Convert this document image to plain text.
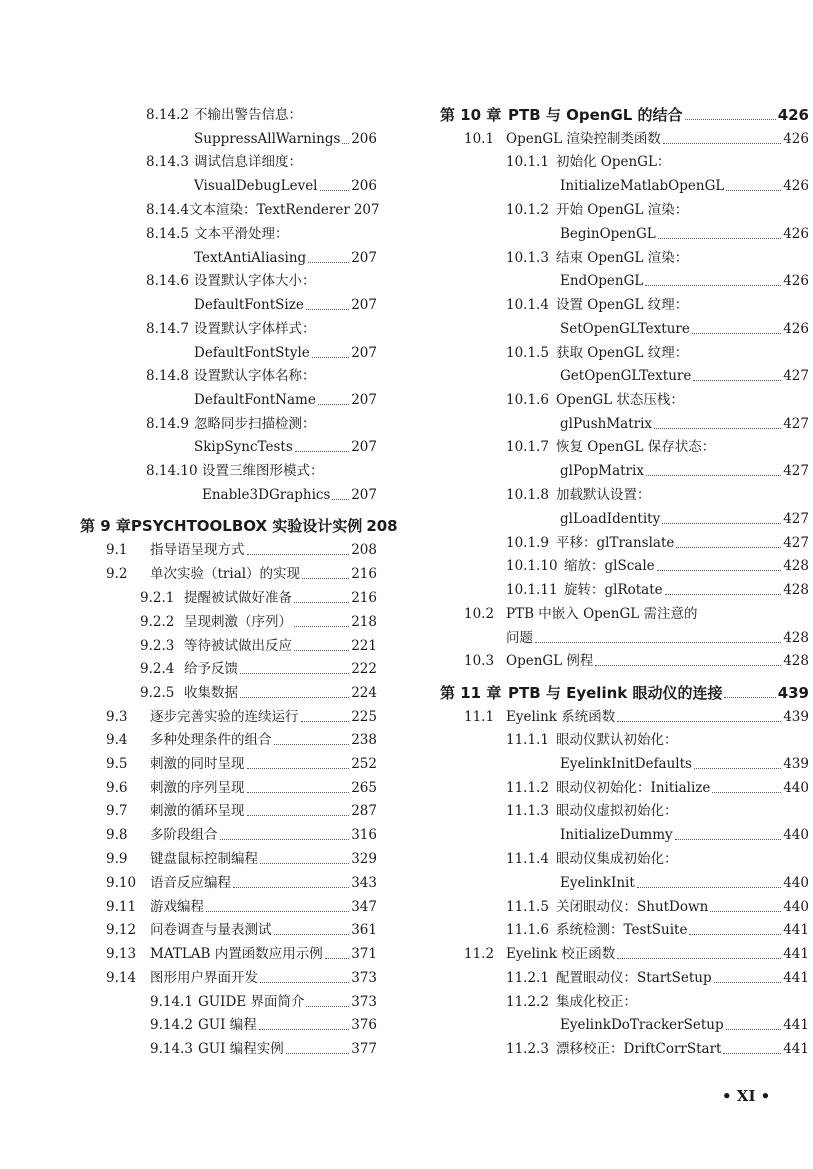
8.14.2 不输出警告信息：
SuppressAllWarnings 206
8.14.3 调试信息详细度：
VisualDebugLevel 206
8.14.4 文本渲染：TextRenderer 207
8.14.5 文本平滑处理：
TextAntiAliasing	207
8.14.6 设置默认字体大小：
DefaultFontSize	207
8.14.7 设置默认字体样式：
DefaultFontStyle	207
8.14.8 设置默认字体名称：
DefaultFontName	207
8.14.9 忽略同步扫描检测：
SkipSyncTests	207
8.14.10 设置三维图形模式：
Enable3DGraphics 207
第 9 章 PSYCHTOOLBOX 实验设计实例 208
9.1	指导语呈现方式	208
9.2	单次实验（trial）的实现	216
9.2.1 提醒被试做好准备	216
9.2.2 呈现刺激（序列）	218
9.2.3 等待被试做出反应	221
9.2.4 给予反馈	222
9.2.5 收集数据	224
9.3	逐步完善实验的连续运行	225
9.4	多种处理条件的组合	238
9.5	刺激的同时呈现	252
9.6	刺激的序列呈现	265
9.7	刺激的循环呈现	287
9.8	多阶段组合	316
9.9	键盘鼠标控制编程	329
9.10	语音反应编程	343
9.11	游戏编程	347
9.12	问卷调查与量表测试	361
9.13	MATLAB 内置函数应用示例 371
9.14	图形用户界面开发	373
9.14.1 GUIDE 界面简介	373
9.14.2 GUI 编程	376
9.14.3 GUI 编程实例	377
第 10 章 PTB 与 OpenGL 的结合	426
10.1 OpenGL 渲染控制类函数	426
10.1.1 初始化 OpenGL：
InitializeMatlabOpenGL	426
10.1.2 开始 OpenGL 渲染：
BeginOpenGL	426
10.1.3 结束 OpenGL 渲染：
EndOpenGL	426
10.1.4 设置 OpenGL 纹理：
SetOpenGLTexture	426
10.1.5 获取 OpenGL 纹理：
GetOpenGLTexture	427
10.1.6 OpenGL 状态压栈：
glPushMatrix	427
10.1.7 恢复 OpenGL 保存状态：
glPopMatrix	427
10.1.8 加载默认设置：
glLoadIdentity	427
10.1.9 平移：glTranslate	427
10.1.10 缩放：glScale	428
10.1.11 旋转：glRotate	428
10.2 PTB 中嵌入 OpenGL 需注意的
问题	428
10.3 OpenGL 例程	428
第 11 章 PTB 与 Eyelink 眼动仪的连接	439
11.1 Eyelink 系统函数	439
11.1.1 眼动仪默认初始化：
EyelinkInitDefaults	439
11.1.2 眼动仪初始化：Initialize	440
11.1.3 眼动仪虚拟初始化：
InitializeDummy	440
11.1.4 眼动仪集成初始化：
EyelinkInit	440
11.1.5 关闭眼动仪：ShutDown	440
11.1.6 系统检测：TestSuite	441
11.2 Eyelink 校正函数	441
11.2.1 配置眼动仪：StartSetup	441
11.2.2 集成化校正：
EyelinkDoTrackerSetup	441
11.2.3 漂移校正：DriftCorrStart	441
• XI •
